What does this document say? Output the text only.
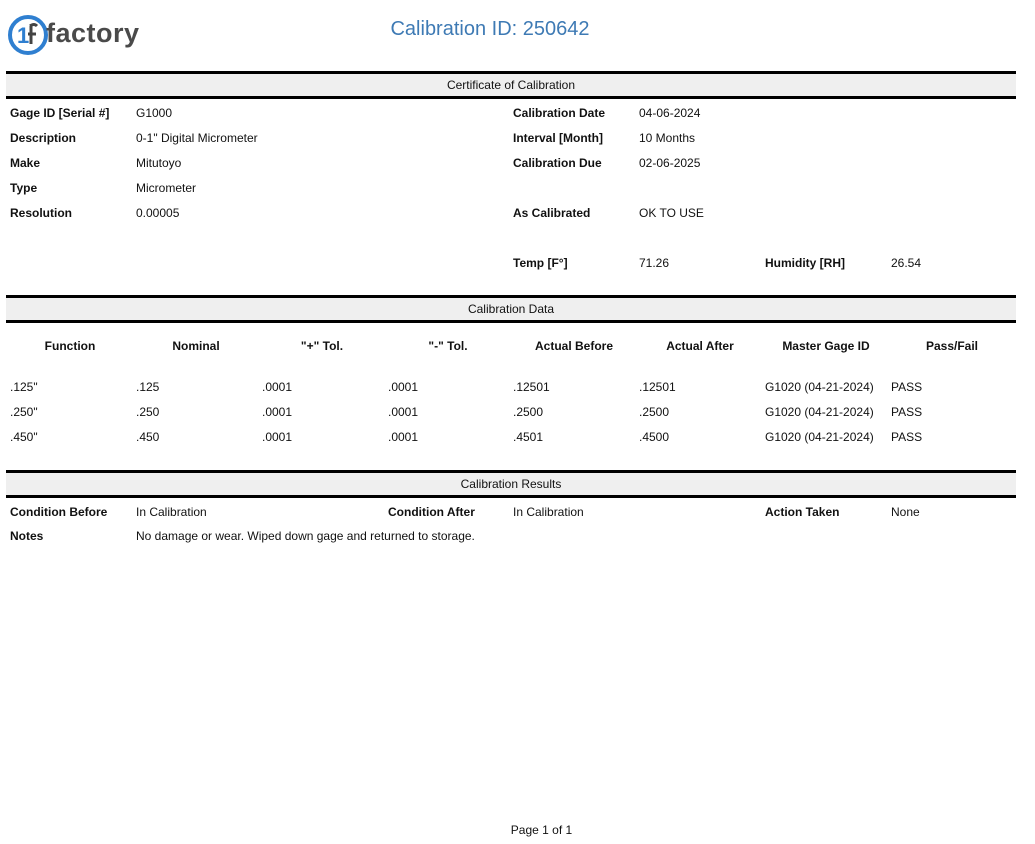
1 factory	Calibration ID: 250642
Certificate of Calibration
Gage ID [Serial #] G1000
Description	0-1" Digital Micrometer
Make	Mitutoyo
Type	Micrometer
Resolution	0.00005
Calibration Date	04-06-2024
Interval [Month]	10 Months
Calibration Due	02-06-2025
As Calibrated	OK TO USE
Temp [F°]	71.26	Humidity [RH]	26.54
Calibration Data
Function	Nominal	"+" Tol.	"-" Tol.	Actual Before	Actual After	Master Gage ID	Pass/Fail
.125"	.125	.0001	.0001	.12501	.12501	G1020 (04-21-2024) PASS
.250"	.250	.0001	.0001	.2500	.2500	G1020 (04-21-2024) PASS
.450"	.450	.0001	.0001	.4501	.4500	G1020 (04-21-2024) PASS
Calibration Results
Condition Before In Calibration	Condition After	In Calibration	Action Taken	None
Notes	No damage or wear. Wiped down gage and returned to storage.
Page 1 of 1
